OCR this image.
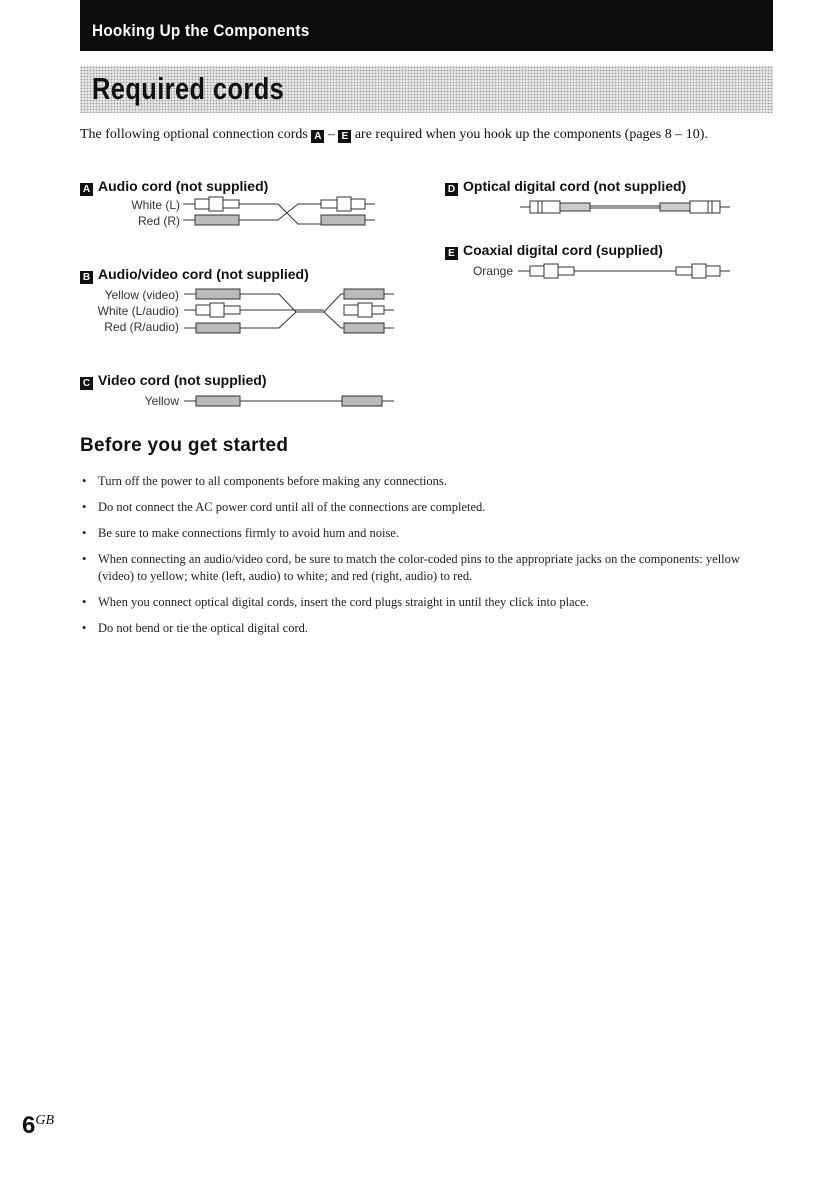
Hooking Up the Components
Required cords
The following optional connection cords A – E are required when you hook up the components (pages 8 – 10).
A Audio cord (not supplied)
White (L)
Red (R)
B Audio/video cord (not supplied)
Yellow (video)
White (L/audio)
Red (R/audio)
C Video cord (not supplied)
Yellow
D Optical digital cord (not supplied)
E Coaxial digital cord (supplied)
Orange
Before you get started
• Turn off the power to all components before making any connections.
• Do not connect the AC power cord until all of the connections are completed.
• Be sure to make connections firmly to avoid hum and noise.
• When connecting an audio/video cord, be sure to match the color-coded pins to the appropriate jacks on the components: yellow (video) to yellow; white (left, audio) to white; and red (right, audio) to red.
• When you connect optical digital cords, insert the cord plugs straight in until they click into place.
• Do not bend or tie the optical digital cord.
$6^{GB}$
